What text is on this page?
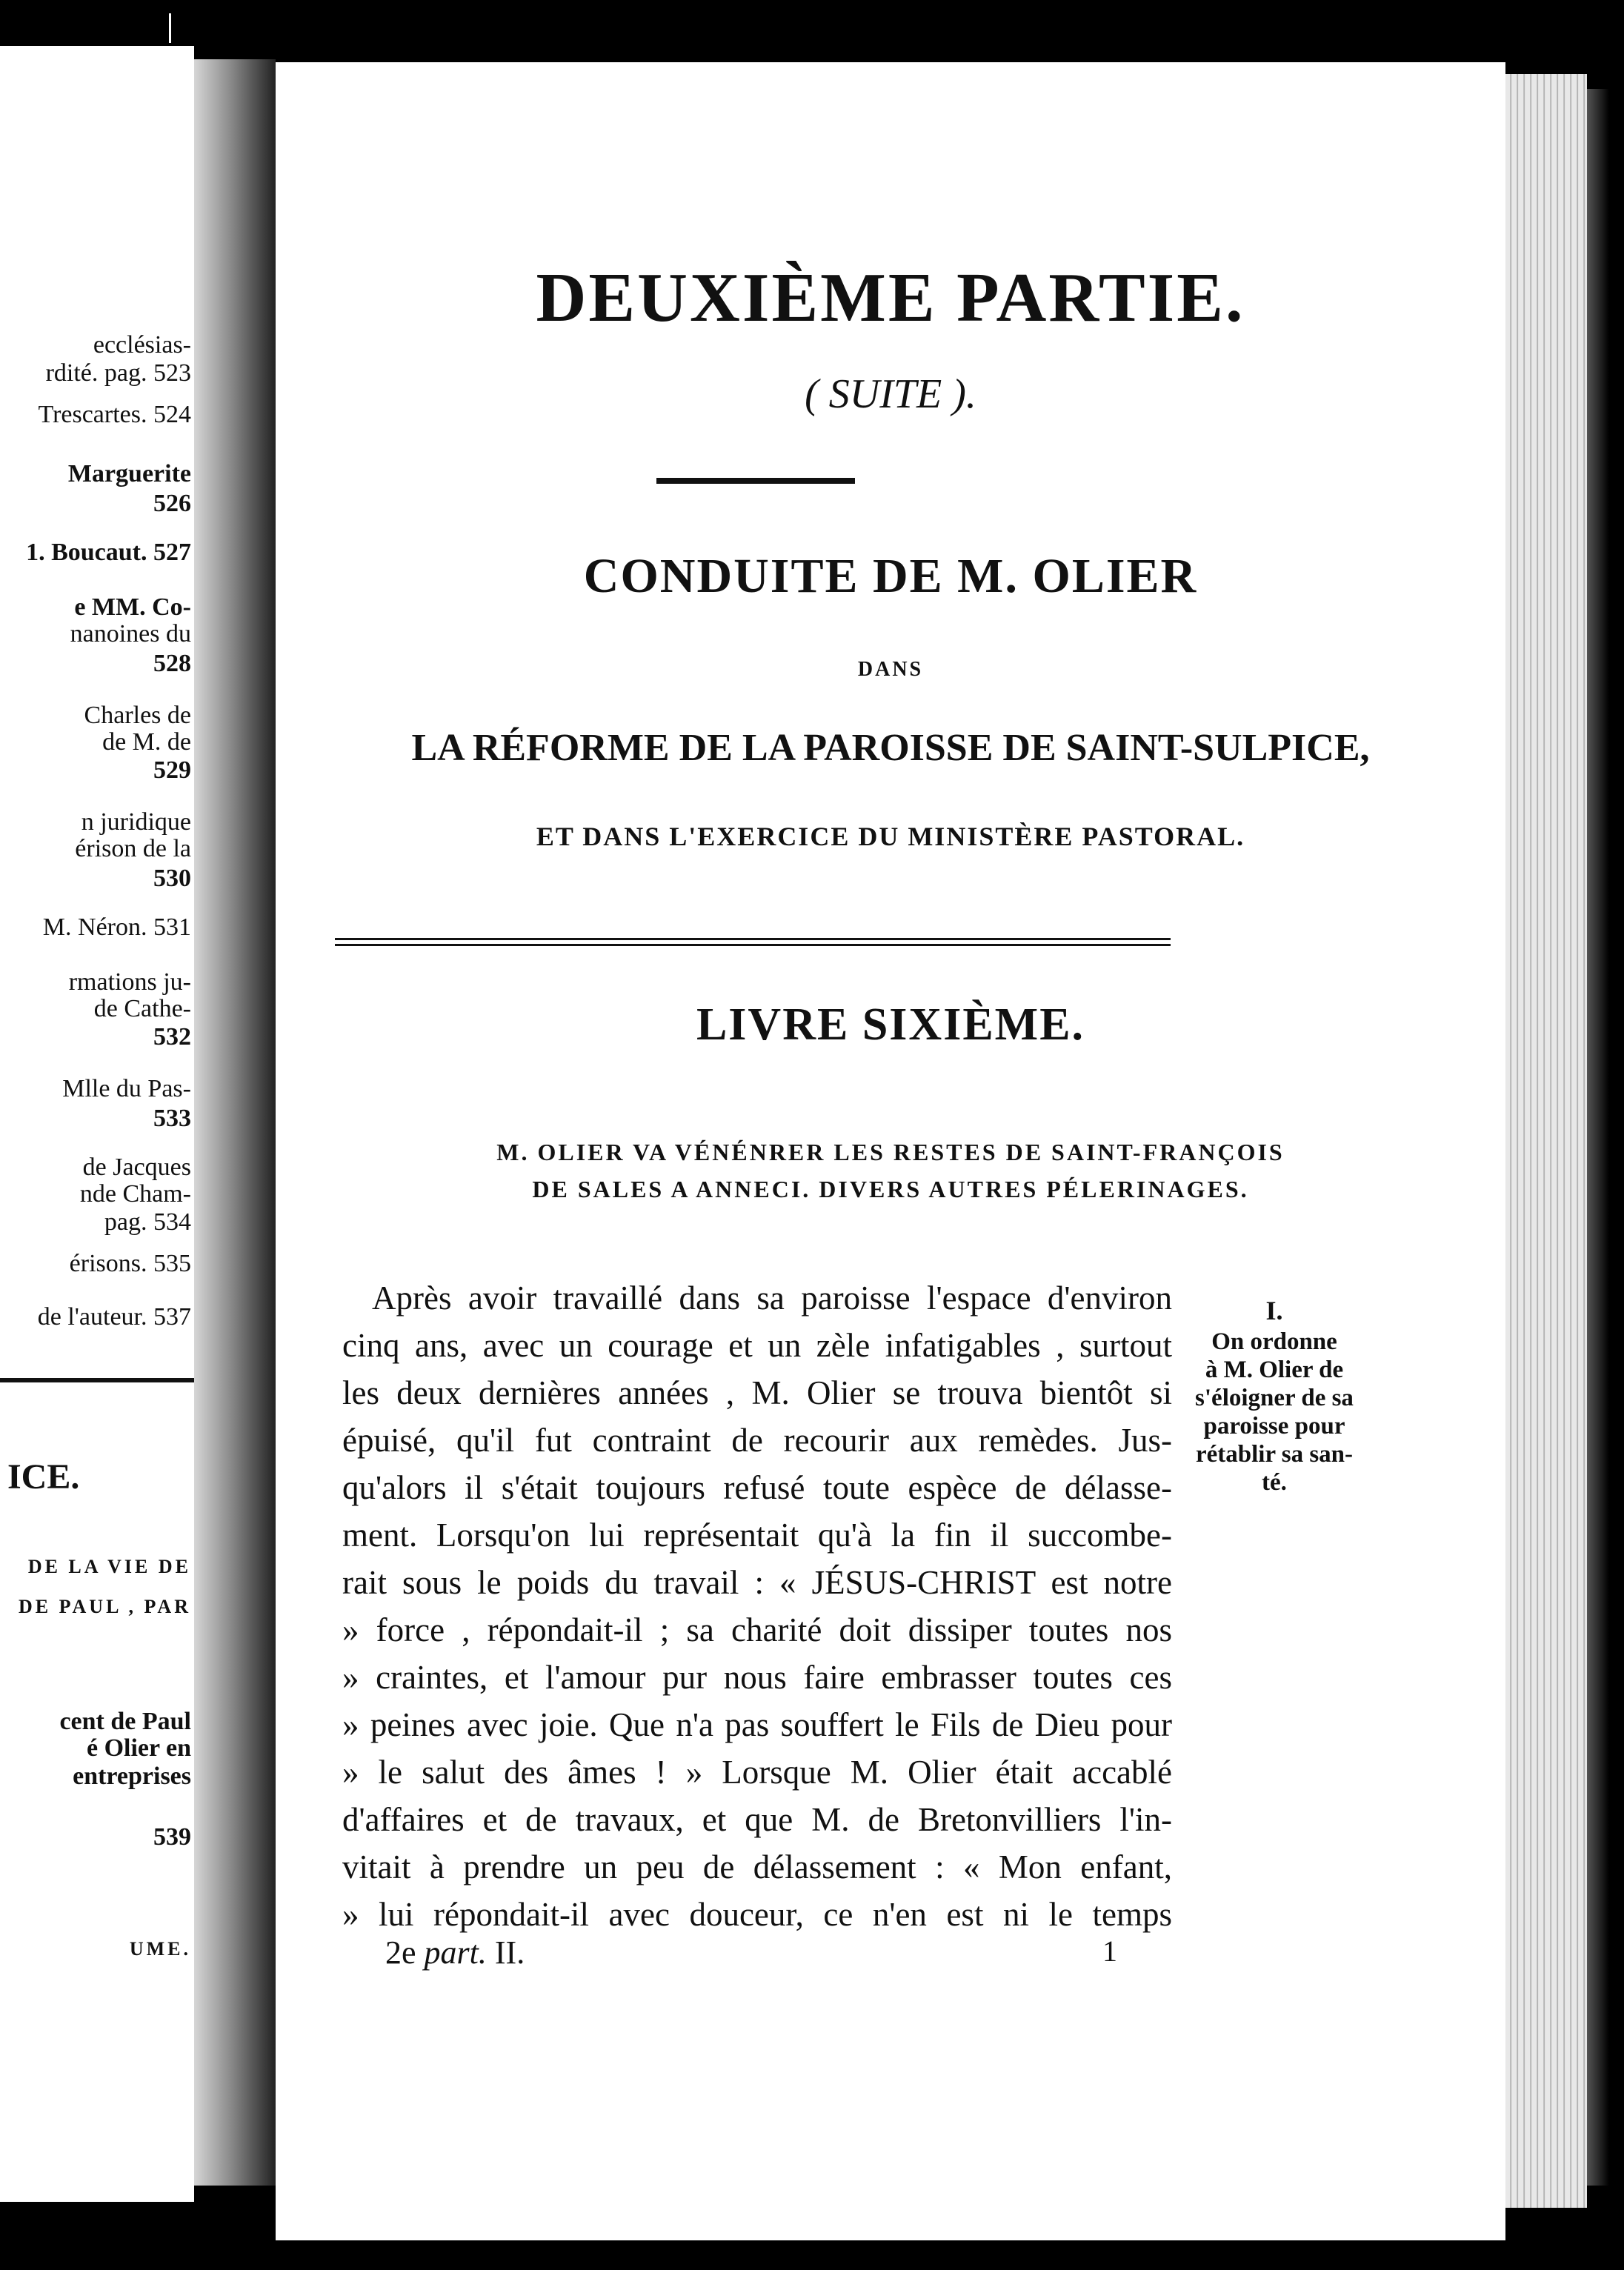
ICE.
UME.
ecclésias-
rdité. pag. 523
Trescartes. 524
Marguerite
526
1. Boucaut. 527
e MM. Co-
nanoines du
528
Charles de
de M. de
529
n juridique
érison de la
530
M. Néron. 531
rmations ju-
de Cathe-
532
Mlle du Pas-
533
de Jacques
nde Cham-
pag. 534
érisons. 535
de l'auteur. 537
DE LA VIE DE
DE PAUL , PAR
cent de Paul
é Olier en
entreprises
539
DEUXIÈME PARTIE.
( SUITE ).
CONDUITE DE M. OLIER
DANS
LA RÉFORME DE LA PAROISSE DE SAINT-SULPICE,
ET DANS L'EXERCICE DU MINISTÈRE PASTORAL.
LIVRE SIXIÈME.
M. OLIER VA VÉNÉNRER LES RESTES DE SAINT-FRANÇOIS
DE SALES A ANNECI. DIVERS AUTRES PÉLERINAGES.
Après avoir travaillé dans sa paroisse l'espace d'environ
cinq ans, avec un courage et un zèle infatigables , surtout
les deux dernières années , M. Olier se trouva bientôt si
épuisé, qu'il fut contraint de recourir aux remèdes. Jus-
qu'alors il s'était toujours refusé toute espèce de délasse-
ment. Lorsqu'on lui représentait qu'à la fin il succombe-
rait sous le poids du travail : « JÉSUS-CHRIST est notre
» force , répondait-il ; sa charité doit dissiper toutes nos
» craintes, et l'amour pur nous faire embrasser toutes ces
» peines avec joie. Que n'a pas souffert le Fils de Dieu pour
» le salut des âmes ! » Lorsque M. Olier était accablé
d'affaires et de travaux, et que M. de Bretonvilliers l'in-
vitait à prendre un peu de délassement : « Mon enfant,
» lui répondait-il avec douceur, ce n'en est ni le temps
I.
On ordonne
à M. Olier de
s'éloigner de sa
paroisse pour
rétablir sa san-
té.
2e part. II.	1
